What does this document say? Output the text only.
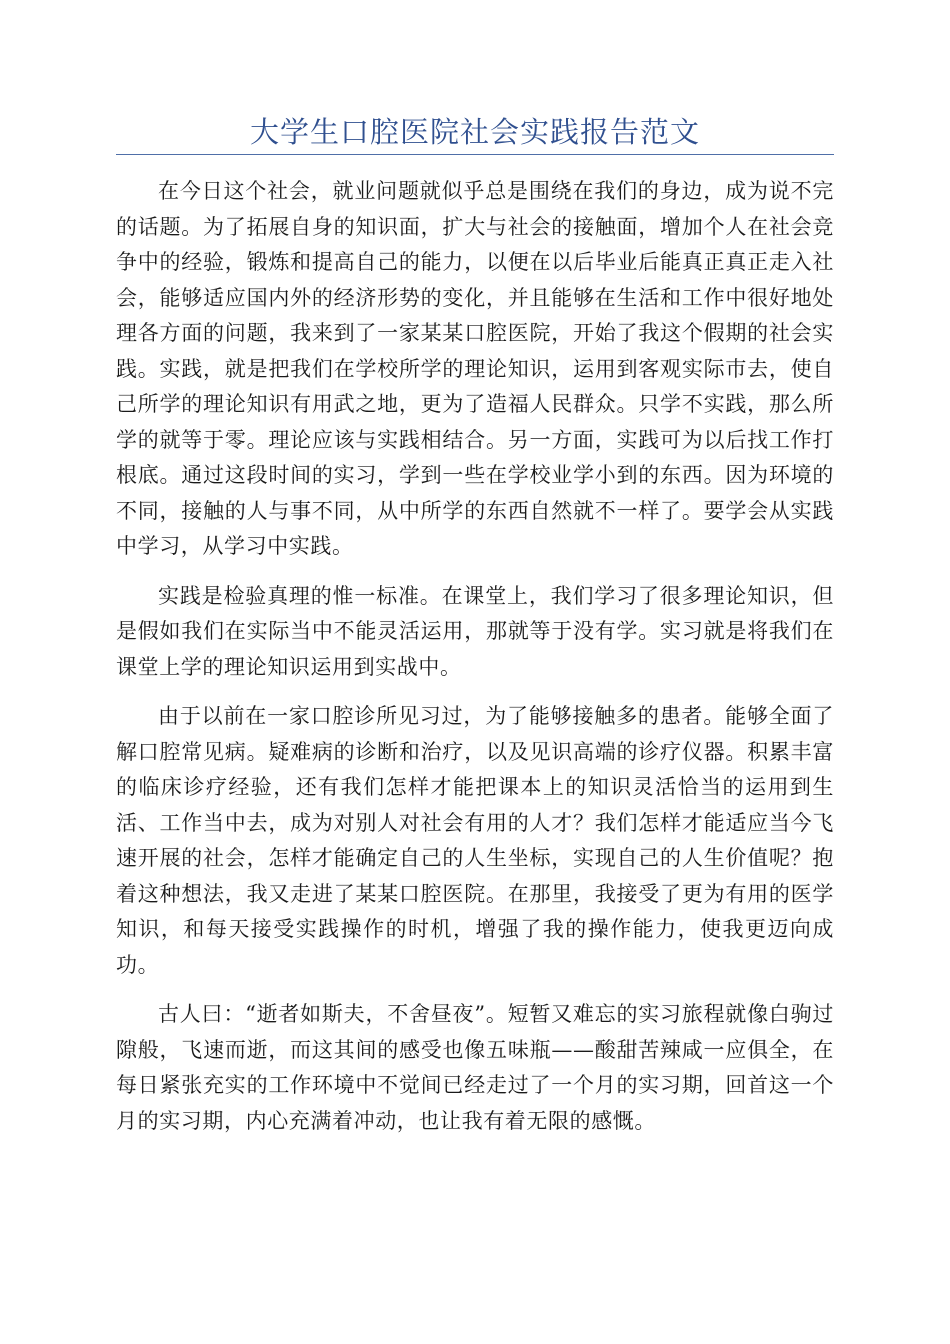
大学生口腔医院社会实践报告范文

在今日这个社会，就业问题就似乎总是围绕在我们的身边，成为说不完的话题。为了拓展自身的知识面，扩大与社会的接触面，增加个人在社会竞争中的经验，锻炼和提高自己的能力，以便在以后毕业后能真正真正走入社会，能够适应国内外的经济形势的变化，并且能够在生活和工作中很好地处理各方面的问题，我来到了一家某某口腔医院，开始了我这个假期的社会实践。实践，就是把我们在学校所学的理论知识，运用到客观实际巿去，使自己所学的理论知识有用武之地，更为了造福人民群众。只学不实践，那么所学的就等于零。理论应该与实践相结合。另一方面，实践可为以后找工作打根底。通过这段时间的实习，学到一些在学校业学小到的东西。因为环境的不同，接触的人与事不同，从中所学的东西自然就不一样了。要学会从实践中学习，从学习中实践。

实践是检验真理的惟一标准。在课堂上，我们学习了很多理论知识，但是假如我们在实际当中不能灵活运用，那就等于没有学。实习就是将我们在课堂上学的理论知识运用到实战中。

由于以前在一家口腔诊所见习过，为了能够接触多的患者。能够全面了解口腔常见病。疑难病的诊断和治疗，以及见识高端的诊疗仪器。积累丰富的临床诊疗经验，还有我们怎样才能把课本上的知识灵活恰当的运用到生活、工作当中去，成为对别人对社会有用的人才？我们怎样才能适应当今飞速开展的社会，怎样才能确定自己的人生坐标，实现自己的人生价值呢？抱着这种想法，我又走进了某某口腔医院。在那里，我接受了更为有用的医学知识，和每天接受实践操作的时机，增强了我的操作能力，使我更迈向成功。

古人曰：“逝者如斯夫，不舍昼夜”。短暂又难忘的实习旅程就像白驹过隙般，飞速而逝，而这其间的感受也像五味瓶——酸甜苦辣咸一应俱全，在每日紧张充实的工作环境中不觉间已经走过了一个月的实习期，回首这一个月的实习期，内心充满着冲动，也让我有着无限的感慨。
